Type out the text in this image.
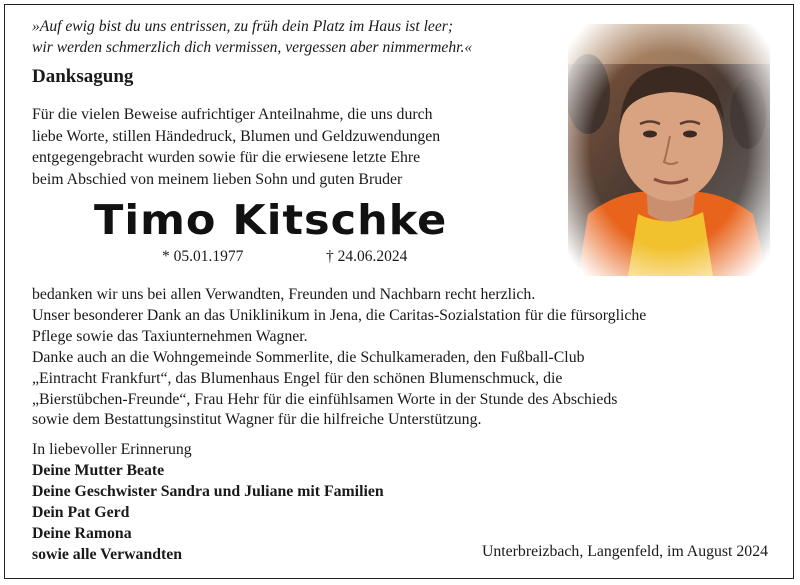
»Auf ewig bist du uns entrissen, zu früh dein Platz im Haus ist leer;
wir werden schmerzlich dich vermissen, vergessen aber nimmermehr.«
Danksagung
Für die vielen Beweise aufrichtiger Anteilnahme, die uns durch
liebe Worte, stillen Händedruck, Blumen und Geldzuwendungen
entgegengebracht wurden sowie für die erwiesene letzte Ehre
beim Abschied von meinem lieben Sohn und guten Bruder
Timo Kitschke
* 05.01.1977	† 24.06.2024

bedanken wir uns bei allen Verwandten, Freunden und Nachbarn recht herzlich.

Unser besonderer Dank an das Uniklinikum in Jena, die Caritas-Sozialstation für die fürsorgliche

Pflege sowie das Taxiunternehmen Wagner.

Danke auch an die Wohngemeinde Sommerlite, die Schulkameraden, den Fußball-Club

„Eintracht Frankfurt“, das Blumenhaus Engel für den schönen Blumenschmuck, die

„Bierstübchen-Freunde“, Frau Hehr für die einfühlsamen Worte in der Stunde des Abschieds

sowie dem Bestattungsinstitut Wagner für die hilfreiche Unterstützung.

In liebevoller Erinnerung
Deine Mutter Beate
Deine Geschwister Sandra und Juliane mit Familien
Dein Pat Gerd
Deine Ramona
sowie alle Verwandten	Unterbreizbach, Langenfeld, im August 2024
